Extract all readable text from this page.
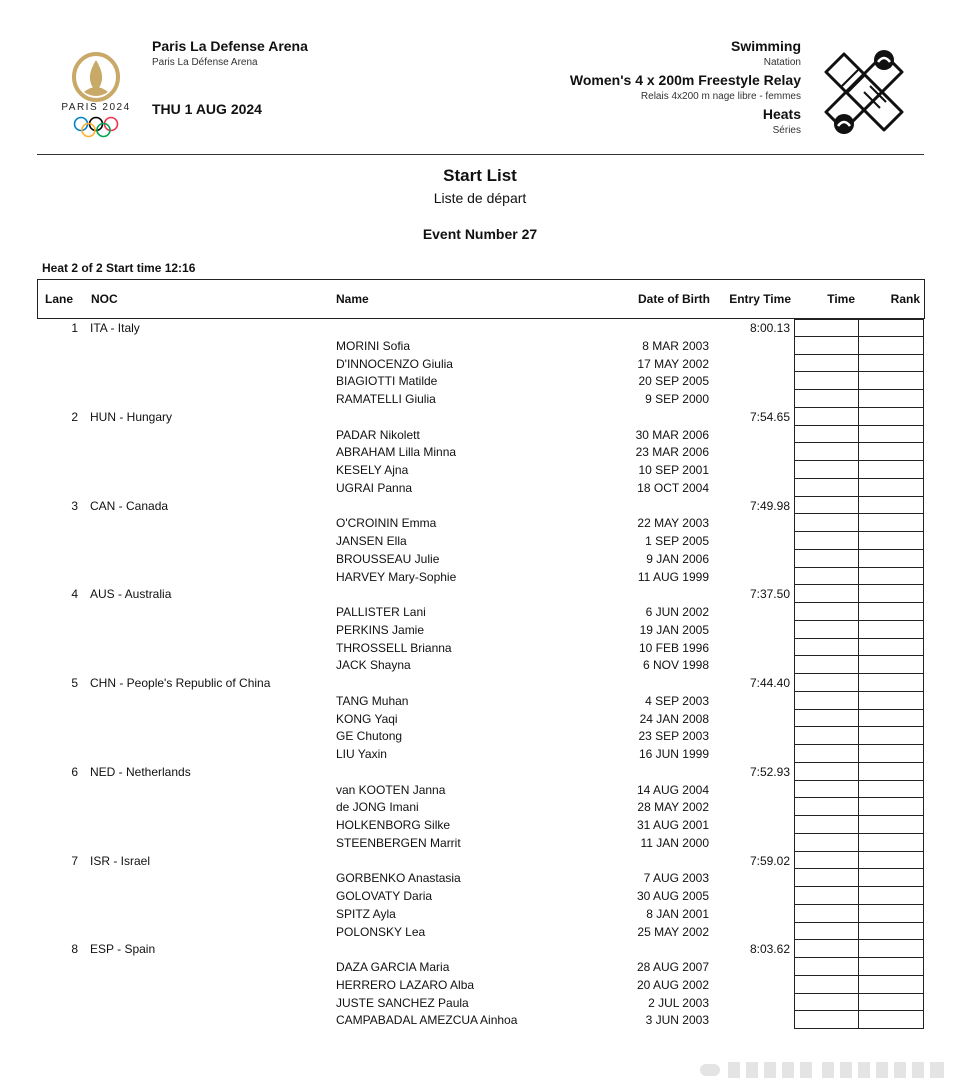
PARIS 2024
Paris La Defense Arena
Paris La Défense Arena
THU 1 AUG 2024
Swimming
Natation
Women's 4 x 200m Freestyle Relay
Relais 4x200 m nage libre - femmes
Heats
Séries
Start List
Liste de départ
Event Number 27
Heat 2 of 2 Start time 12:16
Lane NOC	Name	Date of Birth Entry Time	Time	Rank
1 ITA - Italy	8:00.13
MORINI Sofia	8 MAR 2003
D'INNOCENZO Giulia	17 MAY 2002
BIAGIOTTI Matilde	20 SEP 2005
RAMATELLI Giulia	9 SEP 2000
2 HUN - Hungary	7:54.65
PADAR Nikolett	30 MAR 2006
ABRAHAM Lilla Minna	23 MAR 2006
KESELY Ajna	10 SEP 2001
UGRAI Panna	18 OCT 2004
3 CAN - Canada	7:49.98
O'CROININ Emma	22 MAY 2003
JANSEN Ella	1 SEP 2005
BROUSSEAU Julie	9 JAN 2006
HARVEY Mary-Sophie	11 AUG 1999
4 AUS - Australia	7:37.50
PALLISTER Lani	6 JUN 2002
PERKINS Jamie	19 JAN 2005
THROSSELL Brianna	10 FEB 1996
JACK Shayna	6 NOV 1998
5 CHN - People's Republic of China	7:44.40
TANG Muhan	4 SEP 2003
KONG Yaqi	24 JAN 2008
GE Chutong	23 SEP 2003
LIU Yaxin	16 JUN 1999
6 NED - Netherlands	7:52.93
van KOOTEN Janna	14 AUG 2004
de JONG Imani	28 MAY 2002
HOLKENBORG Silke	31 AUG 2001
STEENBERGEN Marrit	11 JAN 2000
7 ISR - Israel	7:59.02
GORBENKO Anastasia	7 AUG 2003
GOLOVATY Daria	30 AUG 2005
SPITZ Ayla	8 JAN 2001
POLONSKY Lea	25 MAY 2002
8 ESP - Spain	8:03.62
DAZA GARCIA Maria	28 AUG 2007
HERRERO LAZARO Alba	20 AUG 2002
JUSTE SANCHEZ Paula	2 JUL 2003
CAMPABADAL AMEZCUA Ainhoa	3 JUN 2003
